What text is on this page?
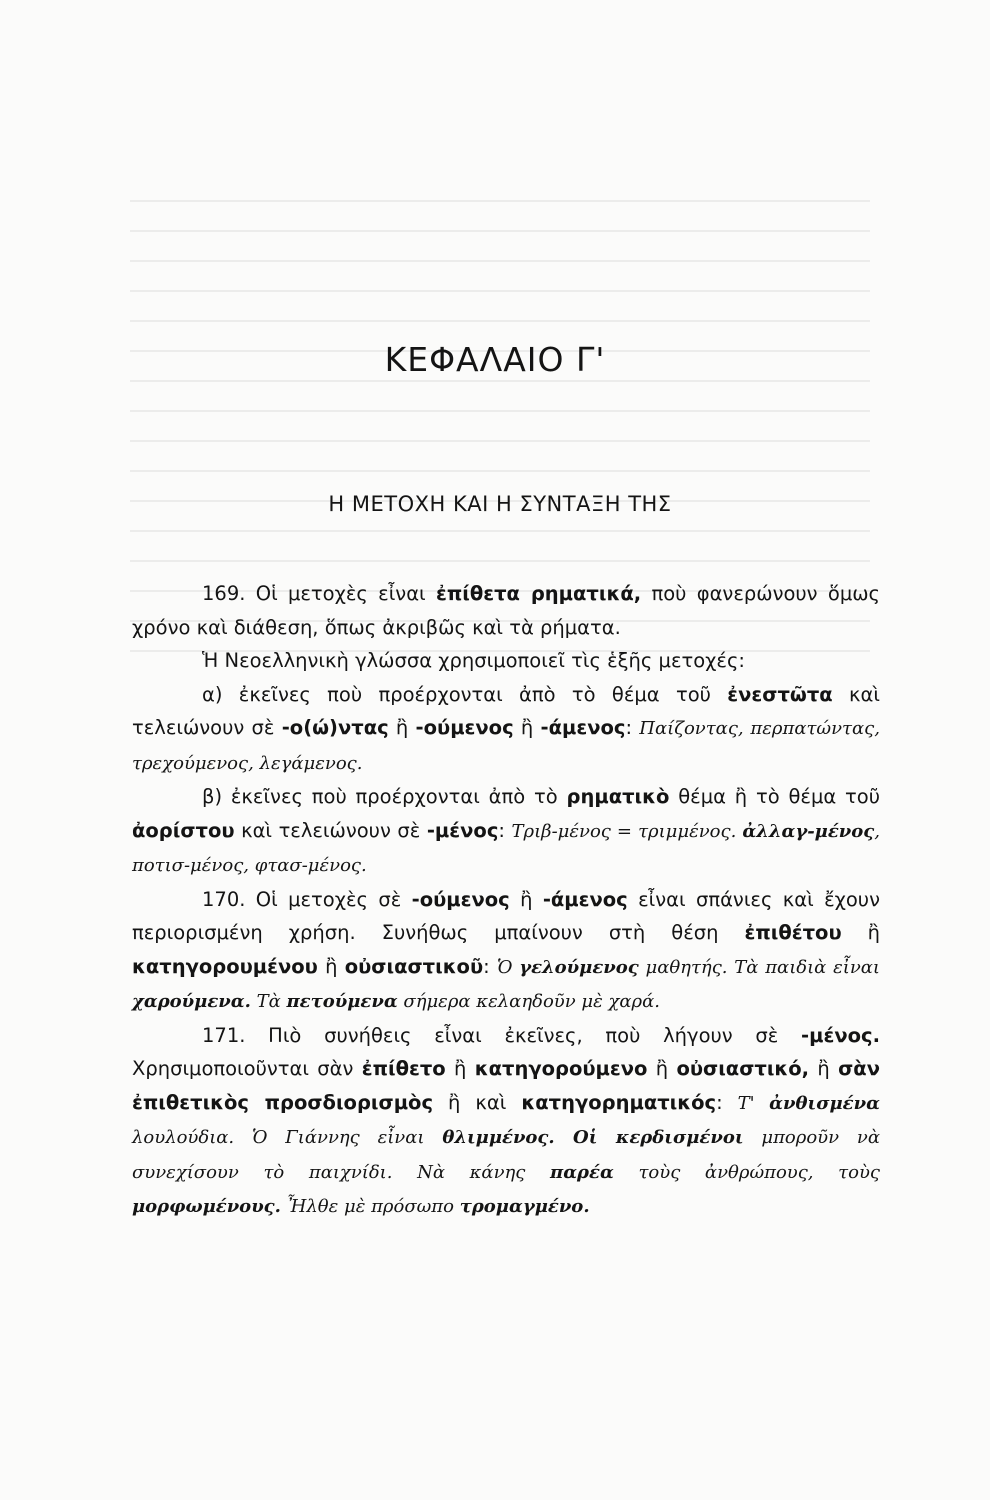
ΚΕΦΑΛΑΙΟ Γ'
Η ΜΕΤΟΧΗ ΚΑΙ Η ΣΥΝΤΑΞΗ ΤΗΣ

169. Οἱ μετοχὲς εἶναι ἐπίθετα ρηματικά, ποὺ φανερώνουν ὅμως χρόνο καὶ διάθεση, ὅπως ἀκριβῶς καὶ τὰ ρήματα.

Ἡ Νεοελληνικὴ γλώσσα χρησιμοποιεῖ τὶς ἑξῆς μετοχές:

α) ἐκεῖνες ποὺ προέρχονται ἀπὸ τὸ θέμα τοῦ ἐνεστῶτα καὶ τελειώνουν σὲ -ο(ώ)ντας ἢ -ούμενος ἢ -άμενος: Παίζοντας, περπατώντας, τρεχούμενος, λεγάμενος.

β) ἐκεῖνες ποὺ προέρχονται ἀπὸ τὸ ρηματικὸ θέμα ἢ τὸ θέμα τοῦ ἀορίστου καὶ τελειώνουν σὲ -μένος: Τριβ-μένος = τριμμένος. ἀλλαγ-μένος, ποτισ-μένος, φτασ-μένος.

170. Οἱ μετοχὲς σὲ -ούμενος ἢ -άμενος εἶναι σπάνιες καὶ ἔχουν περιορισμένη χρήση. Συνήθως μπαίνουν στὴ θέση ἐπιθέτου ἢ κατηγορουμένου ἢ οὐσιαστικοῦ: Ὁ γελούμενος μαθητής. Τὰ παιδιὰ εἶναι χαρούμενα. Τὰ πετούμενα σήμερα κελαηδοῦν μὲ χαρά.

171. Πιὸ συνήθεις εἶναι ἐκεῖνες, ποὺ λήγουν σὲ -μένος. Χρησιμοποιοῦνται σὰν ἐπίθετο ἢ κατηγορούμενο ἢ οὐσιαστικό, ἢ σὰν ἐπιθετικὸς προσδιορισμὸς ἢ καὶ κατηγορηματικός: Τ' ἀνθισμένα λουλούδια. Ὁ Γιάννης εἶναι θλιμμένος. Οἱ κερδισμένοι μποροῦν νὰ συνεχίσουν τὸ παιχνίδι. Νὰ κάνης παρέα τοὺς ἀνθρώπους, τοὺς μορφωμένους. Ἦλθε μὲ πρόσωπο τρομαγμένο.
